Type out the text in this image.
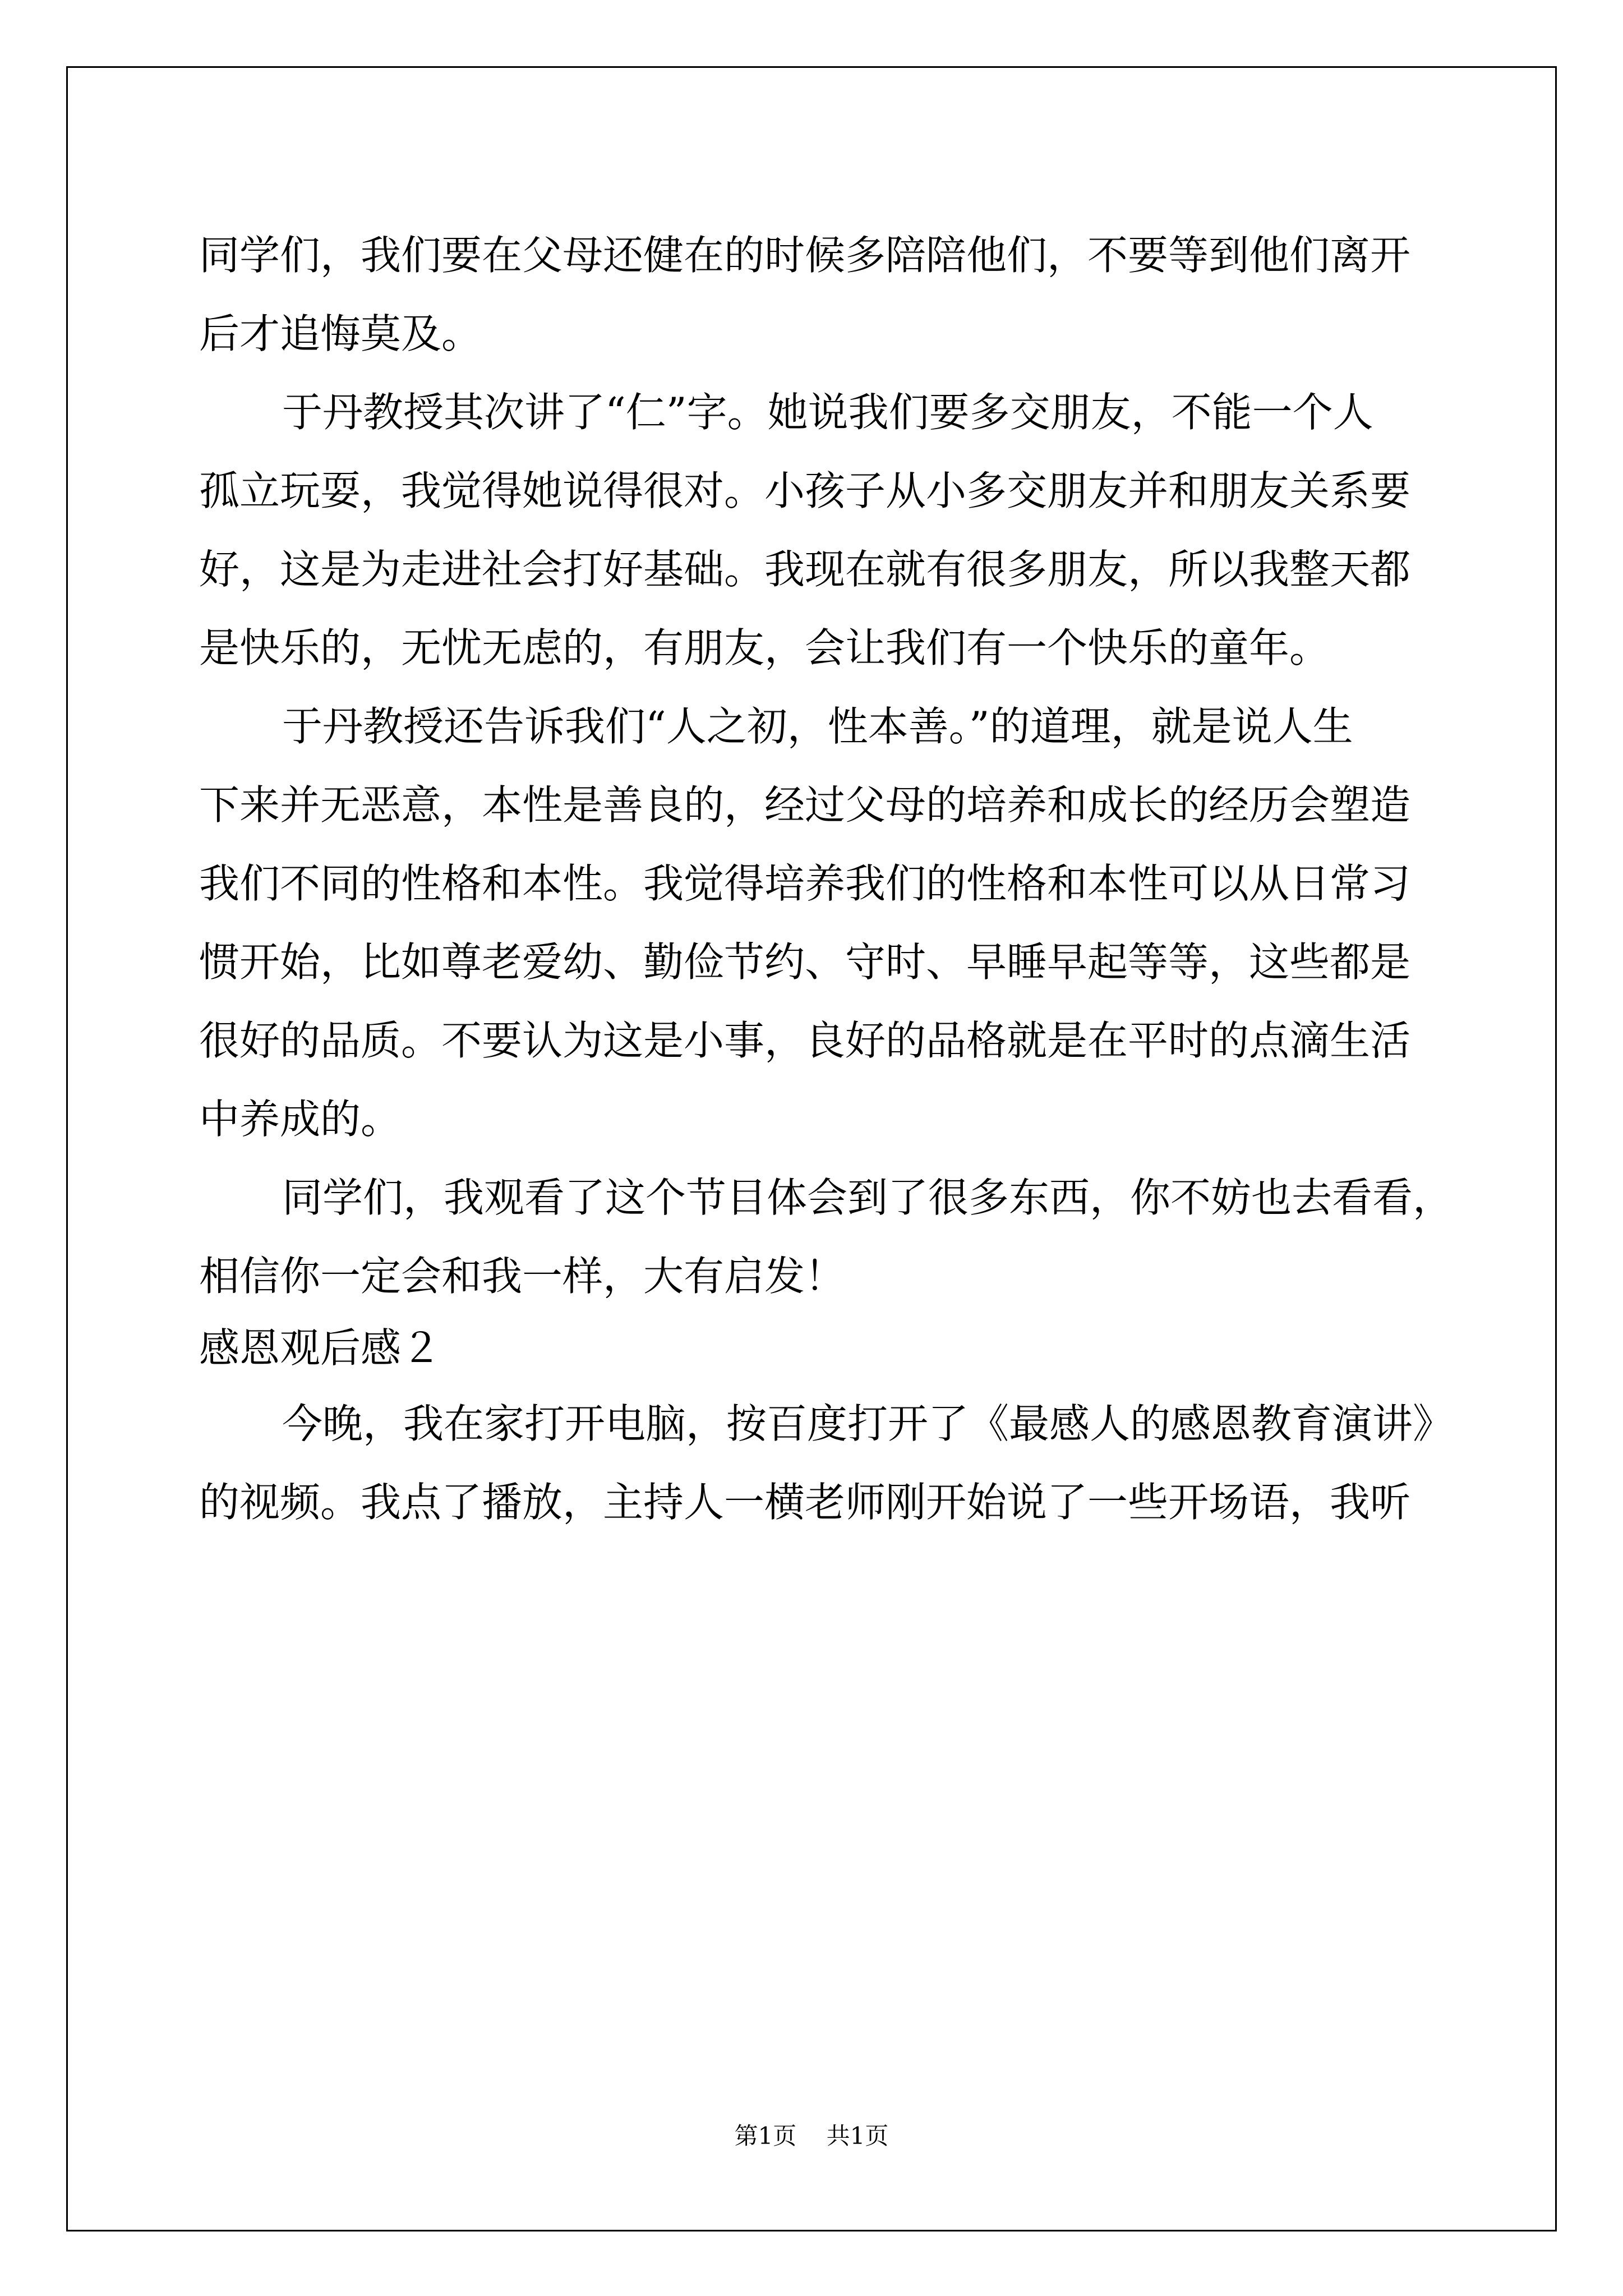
同学们，我们要在父母还健在的时候多陪陪他们，不要等到他们离开
后才追悔莫及。
于丹教授其次讲了“仁”字。她说我们要多交朋友，不能一个人
孤立玩耍，我觉得她说得很对。小孩子从小多交朋友并和朋友关系要
好，这是为走进社会打好基础。我现在就有很多朋友，所以我整天都
是快乐的，无忧无虑的，有朋友，会让我们有一个快乐的童年。
于丹教授还告诉我们“人之初，性本善。”的道理，就是说人生
下来并无恶意，本性是善良的，经过父母的培养和成长的经历会塑造
我们不同的性格和本性。我觉得培养我们的性格和本性可以从日常习
惯开始，比如尊老爱幼、勤俭节约、守时、早睡早起等等，这些都是
很好的品质。不要认为这是小事，良好的品格就是在平时的点滴生活
中养成的。
同学们，我观看了这个节目体会到了很多东西，你不妨也去看看，
相信你一定会和我一样，大有启发！
感恩观后感２
今晚，我在家打开电脑，按百度打开了《最感人的感恩教育演讲》
的视频。我点了播放，主持人一横老师刚开始说了一些开场语，我听
第1页    共1页
